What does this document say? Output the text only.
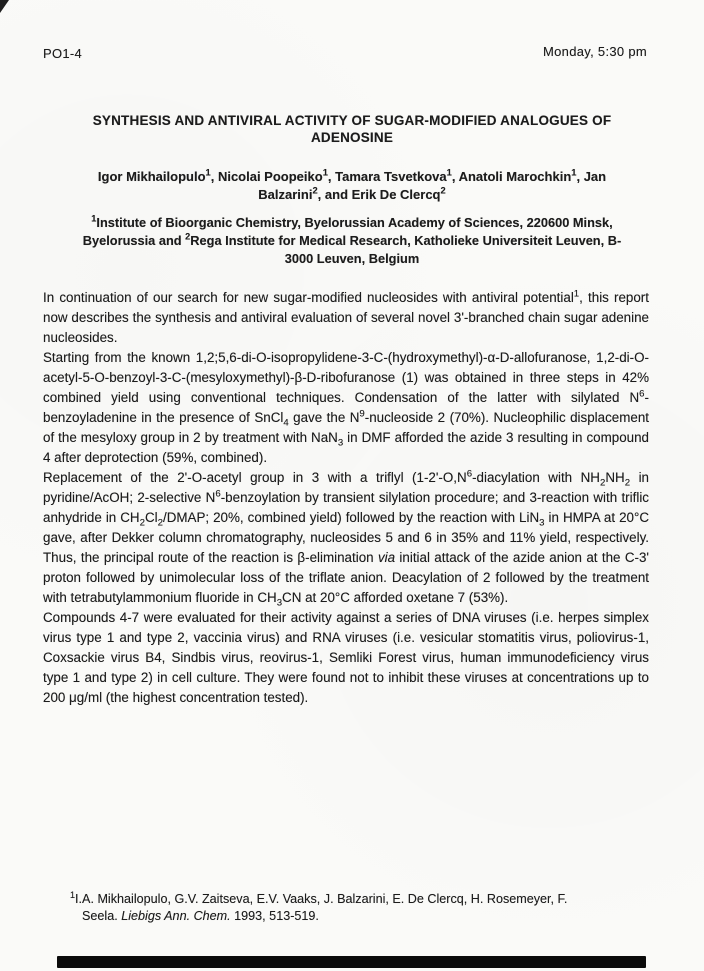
PO1-4	Monday, 5:30 pm
SYNTHESIS AND ANTIVIRAL ACTIVITY OF SUGAR-MODIFIED ANALOGUES OF
ADENOSINE
Igor Mikhailopulo$^1$, Nicolai Poopeiko$^1$, Tamara Tsvetkova$^1$, Anatoli Marochkin$^1$, Jan
Balzarini$^2$, and Erik De Clercq$^2$
$^1$Institute of Bioorganic Chemistry, Byelorussian Academy of Sciences, 220600 Minsk,
Byelorussia and $^2$Rega Institute for Medical Research, Katholieke Universiteit Leuven, B-
3000 Leuven, Belgium

In continuation of our search for new sugar-modified nucleosides with antiviral potential$^1$, this report now describes the synthesis and antiviral evaluation of several novel 3'-branched chain sugar adenine nucleosides.

Starting from the known 1,2;5,6-di-O-isopropylidene-3-C-(hydroxymethyl)-α-D-allofuranose, 1,2-di-O-acetyl-5-O-benzoyl-3-C-(mesyloxymethyl)-β-D-ribofuranose (1) was obtained in three steps in 42% combined yield using conventional techniques. Condensation of the latter with silylated $N^6$-benzoyladenine in the presence of SnCl$_4$ gave the $N^9$-nucleoside 2 (70%). Nucleophilic displacement of the mesyloxy group in 2 by treatment with NaN$_3$ in DMF afforded the azide 3 resulting in compound 4 after deprotection (59%, combined).

Replacement of the 2'-O-acetyl group in 3 with a triflyl ($1-2'-O,N^6$-diacylation with $NH_2NH_2$ in pyridine/AcOH; 2-selective $N^6$-benzoylation by transient silylation procedure; and 3-reaction with triflic anhydride in $CH_2Cl_2$/DMAP; 20%, combined yield) followed by the reaction with LiN$_3$ in HMPA at 20°C gave, after Dekker column chromatography, nucleosides 5 and 6 in 35% and 11% yield, respectively. Thus, the principal route of the reaction is β-elimination via initial attack of the azide anion at the C-3' proton followed by unimolecular loss of the triflate anion. Deacylation of 2 followed by the treatment with tetrabutylammonium fluoride in $CH_3CN$ at 20°C afforded oxetane 7 (53%).

Compounds 4-7 were evaluated for their activity against a series of DNA viruses (i.e. herpes simplex virus type 1 and type 2, vaccinia virus) and RNA viruses (i.e. vesicular stomatitis virus, poliovirus-1, Coxsackie virus B4, Sindbis virus, reovirus-1, Semliki Forest virus, human immunodeficiency virus type 1 and type 2) in cell culture. They were found not to inhibit these viruses at concentrations up to 200 μg/ml (the highest concentration tested).

$^1$I.A. Mikhailopulo, G.V. Zaitseva, E.V. Vaaks, J. Balzarini, E. De Clercq, H. Rosemeyer, F.
Seela. Liebigs Ann. Chem. 1993, 513-519.
